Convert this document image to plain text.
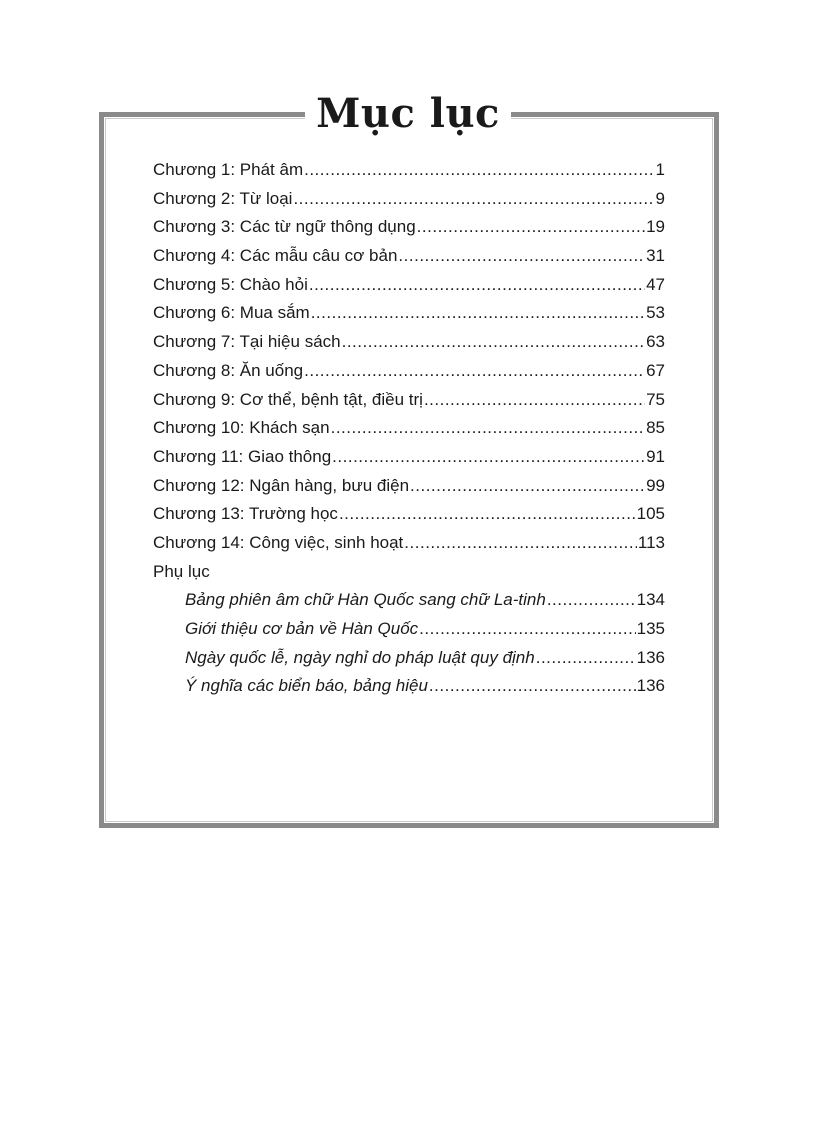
Mục lục
Chương 1: Phát âm .....	1
Chương 2: Từ loại .....	9
Chương 3: Các từ ngữ thông dụng .....	19
Chương 4: Các mẫu câu cơ bản .....	31
Chương 5: Chào hỏi .....	47
Chương 6: Mua sắm .....	53
Chương 7: Tại hiệu sách .....	63
Chương 8: Ăn uống .....	67
Chương 9: Cơ thể, bệnh tật, điều trị .....	75
Chương 10: Khách sạn .....	85
Chương 11: Giao thông .....	91
Chương 12: Ngân hàng, bưu điện .....	99
Chương 13: Trường học .....	105
Chương 14: Công việc, sinh hoạt .....	113
Phụ lục
Bảng phiên âm chữ Hàn Quốc sang chữ La-tinh .....	134
Giới thiệu cơ bản về Hàn Quốc .....	135
Ngày quốc lễ, ngày nghỉ do pháp luật quy định .....	136
Ý nghĩa các biển báo, bảng hiệu .....	136
